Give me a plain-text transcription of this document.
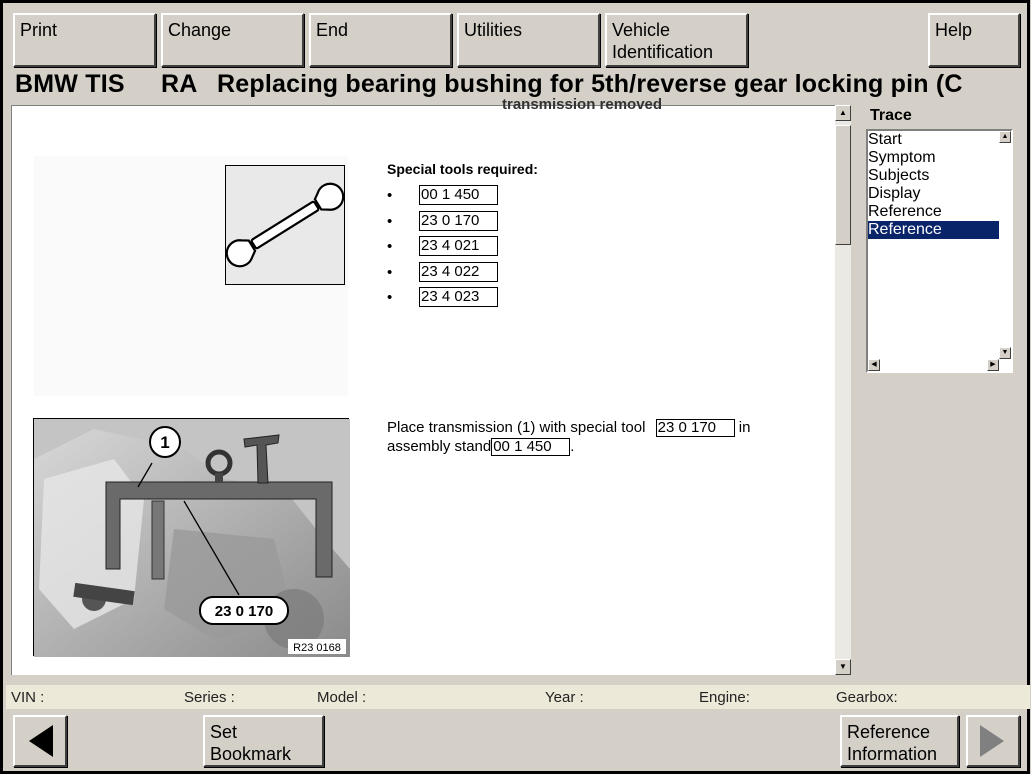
Print	Change	End	Utilities	Vehicle
Identification
Help
BMW TIS RA Replacing bearing bushing for 5th/reverse gear locking pin (C
transmission removed
Special tools required:
• 00 1 450
• 23 0 170
• 23 4 021
• 23 4 022
• 23 4 023
1
23 0 170
R23 0168
Place transmission (1) with special tool 23 0 170 in
assembly stand 00 1 450 .
▲
▼
Trace
Start
Symptom
Subjects
Display
Reference
Reference
▲
▼
◀	▶
VIN :	Series :	Model :	Year :	Engine:	Gearbox:
Set
Bookmark
Reference
Information
